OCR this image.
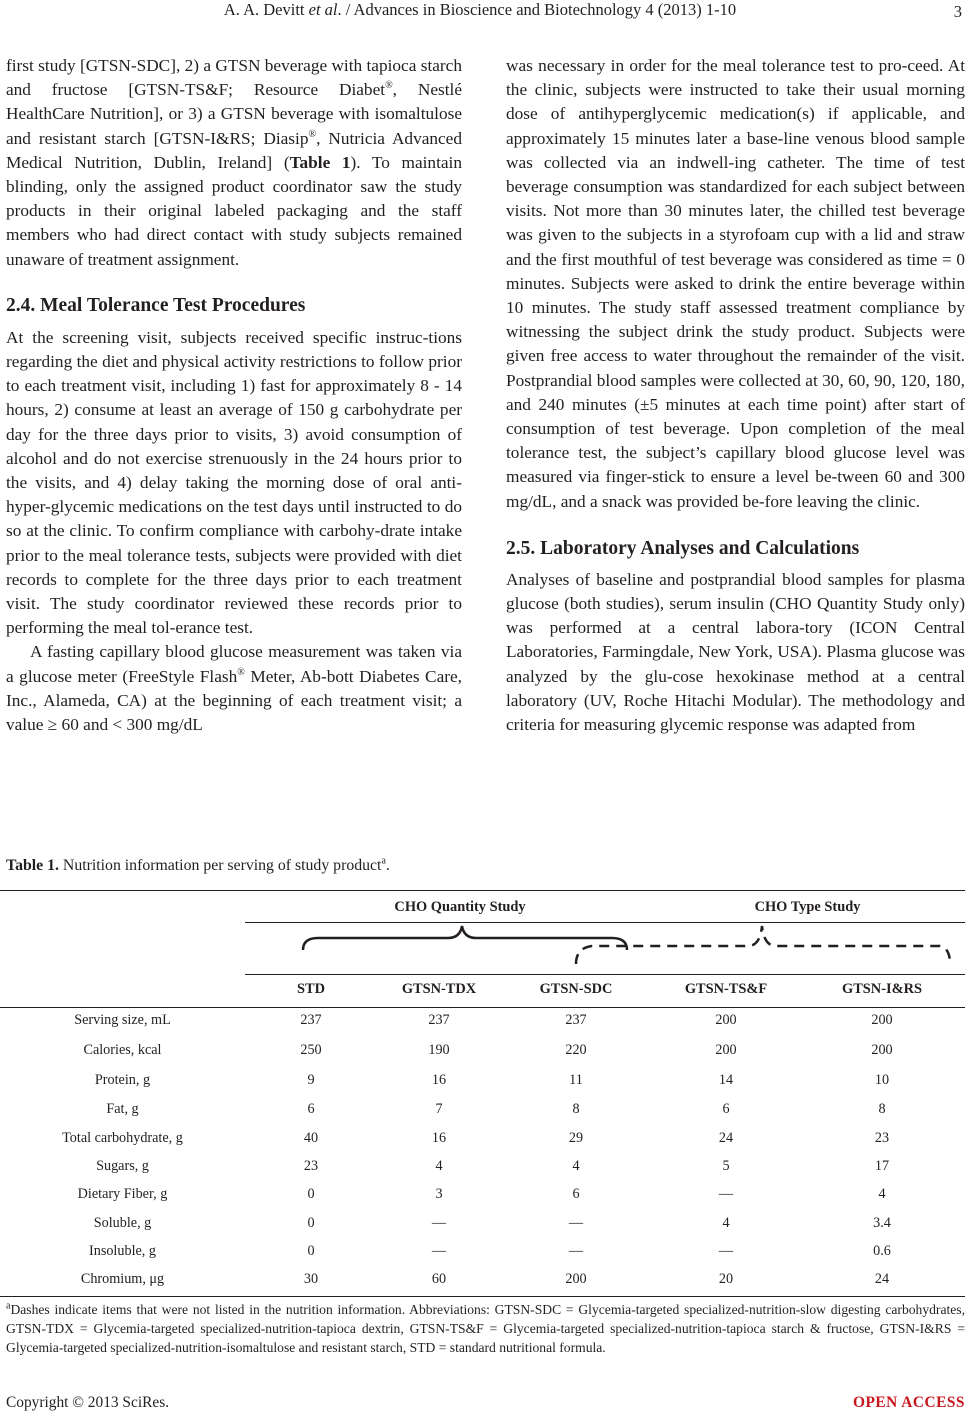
A. A. Devitt et al. / Advances in Bioscience and Biotechnology 4 (2013) 1-10	3

first study [GTSN-SDC], 2) a GTSN beverage with tapioca starch and fructose [GTSN-TS&F; Resource Diabet®, Nestlé HealthCare Nutrition], or 3) a GTSN beverage with isomaltulose and resistant starch [GTSN-I&RS; Diasip®, Nutricia Advanced Medical Nutrition, Dublin, Ireland] (Table 1). To maintain blinding, only the assigned product coordinator saw the study products in their original labeled packaging and the staff members who had direct contact with study subjects remained unaware of treatment assignment.

2.4. Meal Tolerance Test Procedures

At the screening visit, subjects received specific instruc-tions regarding the diet and physical activity restrictions to follow prior to each treatment visit, including 1) fast for approximately 8 - 14 hours, 2) consume at least an average of 150 g carbohydrate per day for the three days prior to visits, 3) avoid consumption of alcohol and do not exercise strenuously in the 24 hours prior to the visits, and 4) delay taking the morning dose of oral anti-hyper-glycemic medications on the test days until instructed to do so at the clinic. To confirm compliance with carbohy-drate intake prior to the meal tolerance tests, subjects were provided with diet records to complete for the three days prior to each treatment visit. The study coordinator reviewed these records prior to performing the meal tol-erance test.

A fasting capillary blood glucose measurement was taken via a glucose meter (FreeStyle Flash® Meter, Ab-bott Diabetes Care, Inc., Alameda, CA) at the beginning of each treatment visit; a value ≥ 60 and < 300 mg/dL

was necessary in order for the meal tolerance test to pro-ceed. At the clinic, subjects were instructed to take their usual morning dose of antihyperglycemic medication(s) if applicable, and approximately 15 minutes later a base-line venous blood sample was collected via an indwell-ing catheter. The time of test beverage consumption was standardized for each subject between visits. Not more than 30 minutes later, the chilled test beverage was given to the subjects in a styrofoam cup with a lid and straw and the first mouthful of test beverage was considered as time = 0 minutes. Subjects were asked to drink the entire beverage within 10 minutes. The study staff assessed treatment compliance by witnessing the subject drink the study product. Subjects were given free access to water throughout the remainder of the visit. Postprandial blood samples were collected at 30, 60, 90, 120, 180, and 240 minutes (±5 minutes at each time point) after start of consumption of test beverage. Upon completion of the meal tolerance test, the subject’s capillary blood glucose level was measured via finger-stick to ensure a level be-tween 60 and 300 mg/dL, and a snack was provided be-fore leaving the clinic.

2.5. Laboratory Analyses and Calculations

Analyses of baseline and postprandial blood samples for plasma glucose (both studies), serum insulin (CHO Quantity Study only) was performed at a central labora-tory (ICON Central Laboratories, Farmingdale, New York, USA). Plasma glucose was analyzed by the glu-cose hexokinase method at a central laboratory (UV, Roche Hitachi Modular). The methodology and criteria for measuring glycemic response was adapted from

Table 1. Nutrition information per serving of study product$^a$.
CHO Quantity Study	CHO Type Study
STD	GTSN-TDX	GTSN-SDC	GTSN-TS&F	GTSN-I&RS
Serving size, mL	237	237	237	200	200
Calories, kcal	250	190	220	200	200
Protein, g	9	16	11	14	10
Fat, g	6	7	8	6	8
Total carbohydrate, g	40	16	29	24	23
Sugars, g	23	4	4	5	17
Dietary Fiber, g	0	3	6	—	4
Soluble, g	0	—	—	4	3.4
Insoluble, g	0	—	—	—	0.6
Chromium, μg	30	60	200	20	24
$^a$Dashes indicate items that were not listed in the nutrition information. Abbreviations: GTSN-SDC = Glycemia-targeted specialized-nutrition-slow digesting carbohydrates, GTSN-TDX = Glycemia-targeted specialized-nutrition-tapioca dextrin, GTSN-TS&F = Glycemia-targeted specialized-nutrition-tapioca starch & fructose, GTSN-I&RS = Glycemia-targeted specialized-nutrition-isomaltulose and resistant starch, STD = standard nutritional formula.
Copyright © 2013 SciRes.	OPEN ACCESS
